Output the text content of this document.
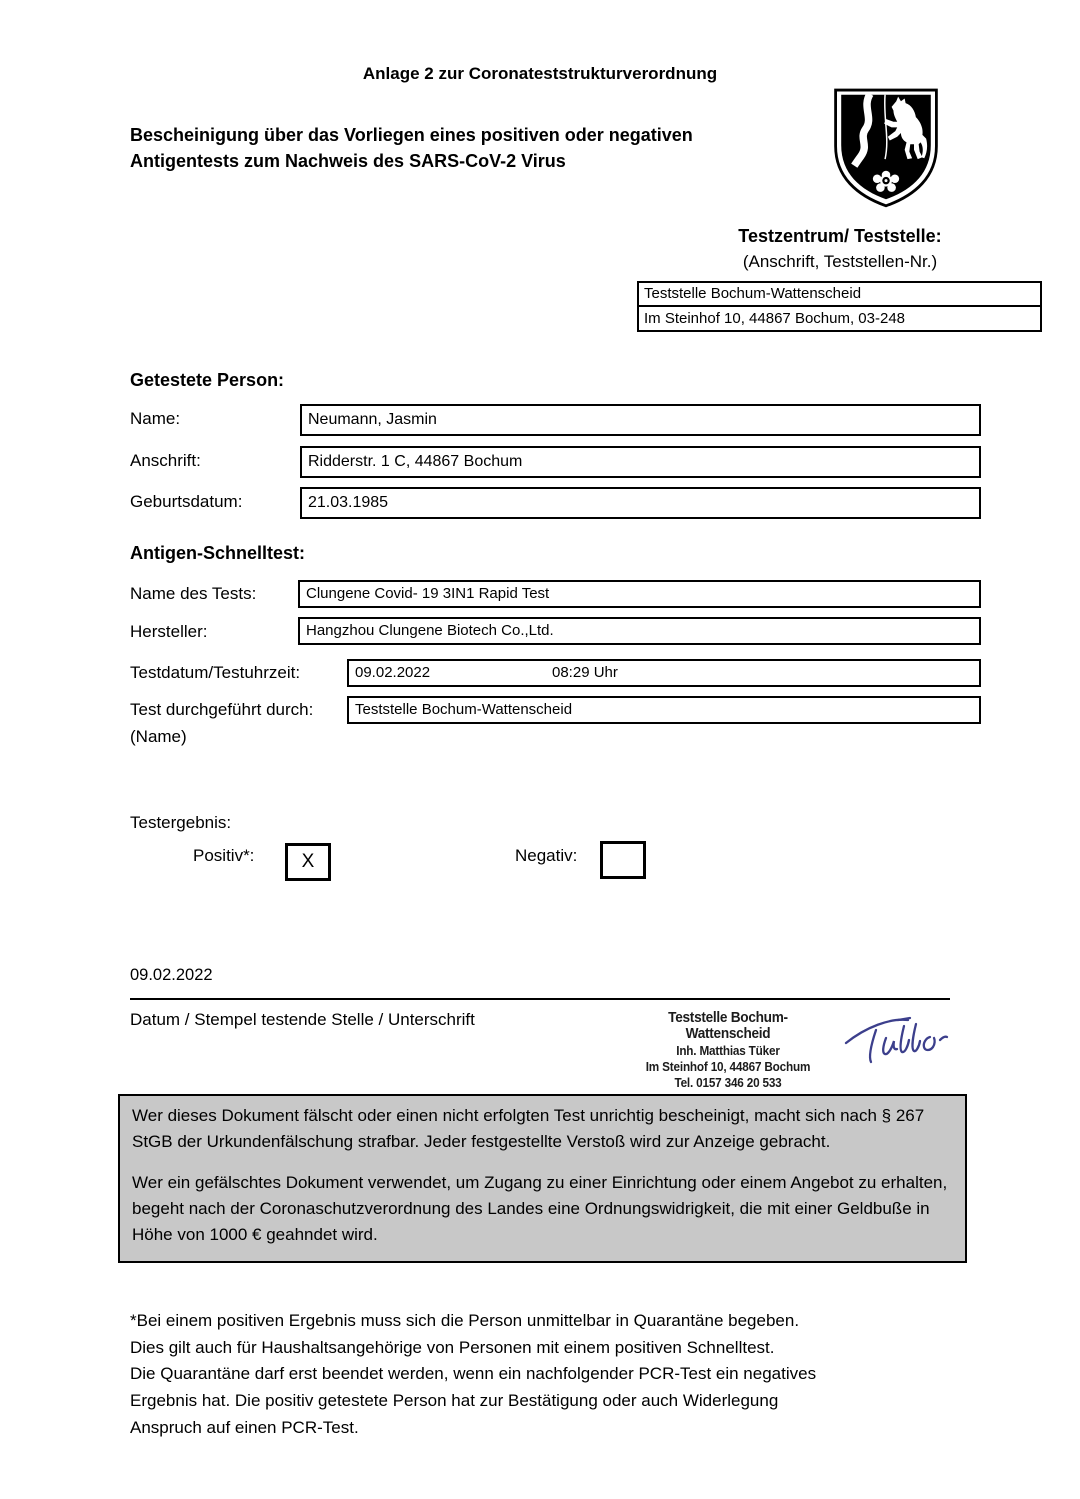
Anlage 2 zur Coronateststrukturverordnung
Bescheinigung über das Vorliegen eines positiven oder negativen Antigentests zum Nachweis des SARS-CoV-2 Virus
Testzentrum/ Teststelle:
(Anschrift, Teststellen-Nr.)
Teststelle Bochum-Wattenscheid
Im Steinhof 10, 44867 Bochum, 03-248
Getestete Person:
Name:	Neumann, Jasmin
Anschrift:	Ridderstr. 1 C, 44867 Bochum
Geburtsdatum:	21.03.1985
Antigen-Schnelltest:
Name des Tests:	Clungene Covid- 19 3IN1 Rapid Test
Hersteller:	Hangzhou Clungene Biotech Co.,Ltd.
Testdatum/Testuhrzeit:	09.02.2022	08:29 Uhr
Test durchgeführt durch:
(Name)
Teststelle Bochum-Wattenscheid
Testergebnis:
Positiv*:	X	Negativ:
09.02.2022
Datum / Stempel testende Stelle / Unterschrift	Teststelle Bochum-Wattenscheid
Inh. Matthias Tüker
Im Steinhof 10, 44867 Bochum
Tel. 0157 346 20 533
Wer dieses Dokument fälscht oder einen nicht erfolgten Test unrichtig bescheinigt, macht sich nach § 267 StGB der Urkundenfälschung strafbar. Jeder festgestellte Verstoß wird zur Anzeige gebracht.
Wer ein gefälschtes Dokument verwendet, um Zugang zu einer Einrichtung oder einem Angebot zu erhalten, begeht nach der Coronaschutzverordnung des Landes eine Ordnungswidrigkeit, die mit einer Geldbuße in Höhe von 1000 € geahndet wird.
*Bei einem positiven Ergebnis muss sich die Person unmittelbar in Quarantäne begeben.
Dies gilt auch für Haushaltsangehörige von Personen mit einem positiven Schnelltest.
Die Quarantäne darf erst beendet werden, wenn ein nachfolgender PCR-Test ein negatives
Ergebnis hat. Die positiv getestete Person hat zur Bestätigung oder auch Widerlegung
Anspruch auf einen PCR-Test.
